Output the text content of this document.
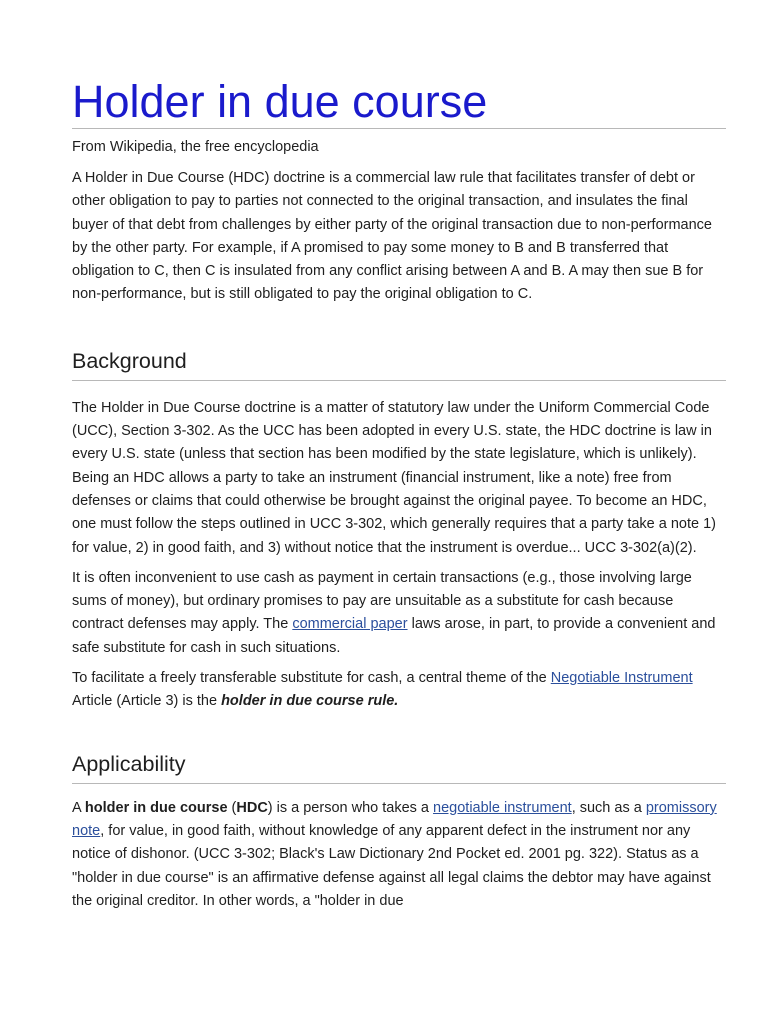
Holder in due course

From Wikipedia, the free encyclopedia

A Holder in Due Course (HDC) doctrine is a commercial law rule that facilitates transfer of debt or other obligation to pay to parties not connected to the original transaction, and insulates the final buyer of that debt from challenges by either party of the original transaction due to non-performance by the other party. For example, if A promised to pay some money to B and B transferred that obligation to C, then C is insulated from any conflict arising between A and B. A may then sue B for non-performance, but is still obligated to pay the original obligation to C.

Background

The Holder in Due Course doctrine is a matter of statutory law under the Uniform Commercial Code (UCC), Section 3-302. As the UCC has been adopted in every U.S. state, the HDC doctrine is law in every U.S. state (unless that section has been modified by the state legislature, which is unlikely). Being an HDC allows a party to take an instrument (financial instrument, like a note) free from defenses or claims that could otherwise be brought against the original payee. To become an HDC, one must follow the steps outlined in UCC 3-302, which generally requires that a party take a note 1) for value, 2) in good faith, and 3) without notice that the instrument is overdue... UCC 3-302(a)(2).

It is often inconvenient to use cash as payment in certain transactions (e.g., those involving large sums of money), but ordinary promises to pay are unsuitable as a substitute for cash because contract defenses may apply. The commercial paper laws arose, in part, to provide a convenient and safe substitute for cash in such situations.

To facilitate a freely transferable substitute for cash, a central theme of the Negotiable Instrument Article (Article 3) is the holder in due course rule.

Applicability

A holder in due course (HDC) is a person who takes a negotiable instrument, such as a promissory note, for value, in good faith, without knowledge of any apparent defect in the instrument nor any notice of dishonor. (UCC 3-302; Black's Law Dictionary 2nd Pocket ed. 2001 pg. 322). Status as a "holder in due course" is an affirmative defense against all legal claims the debtor may have against the original creditor. In other words, a "holder in due
